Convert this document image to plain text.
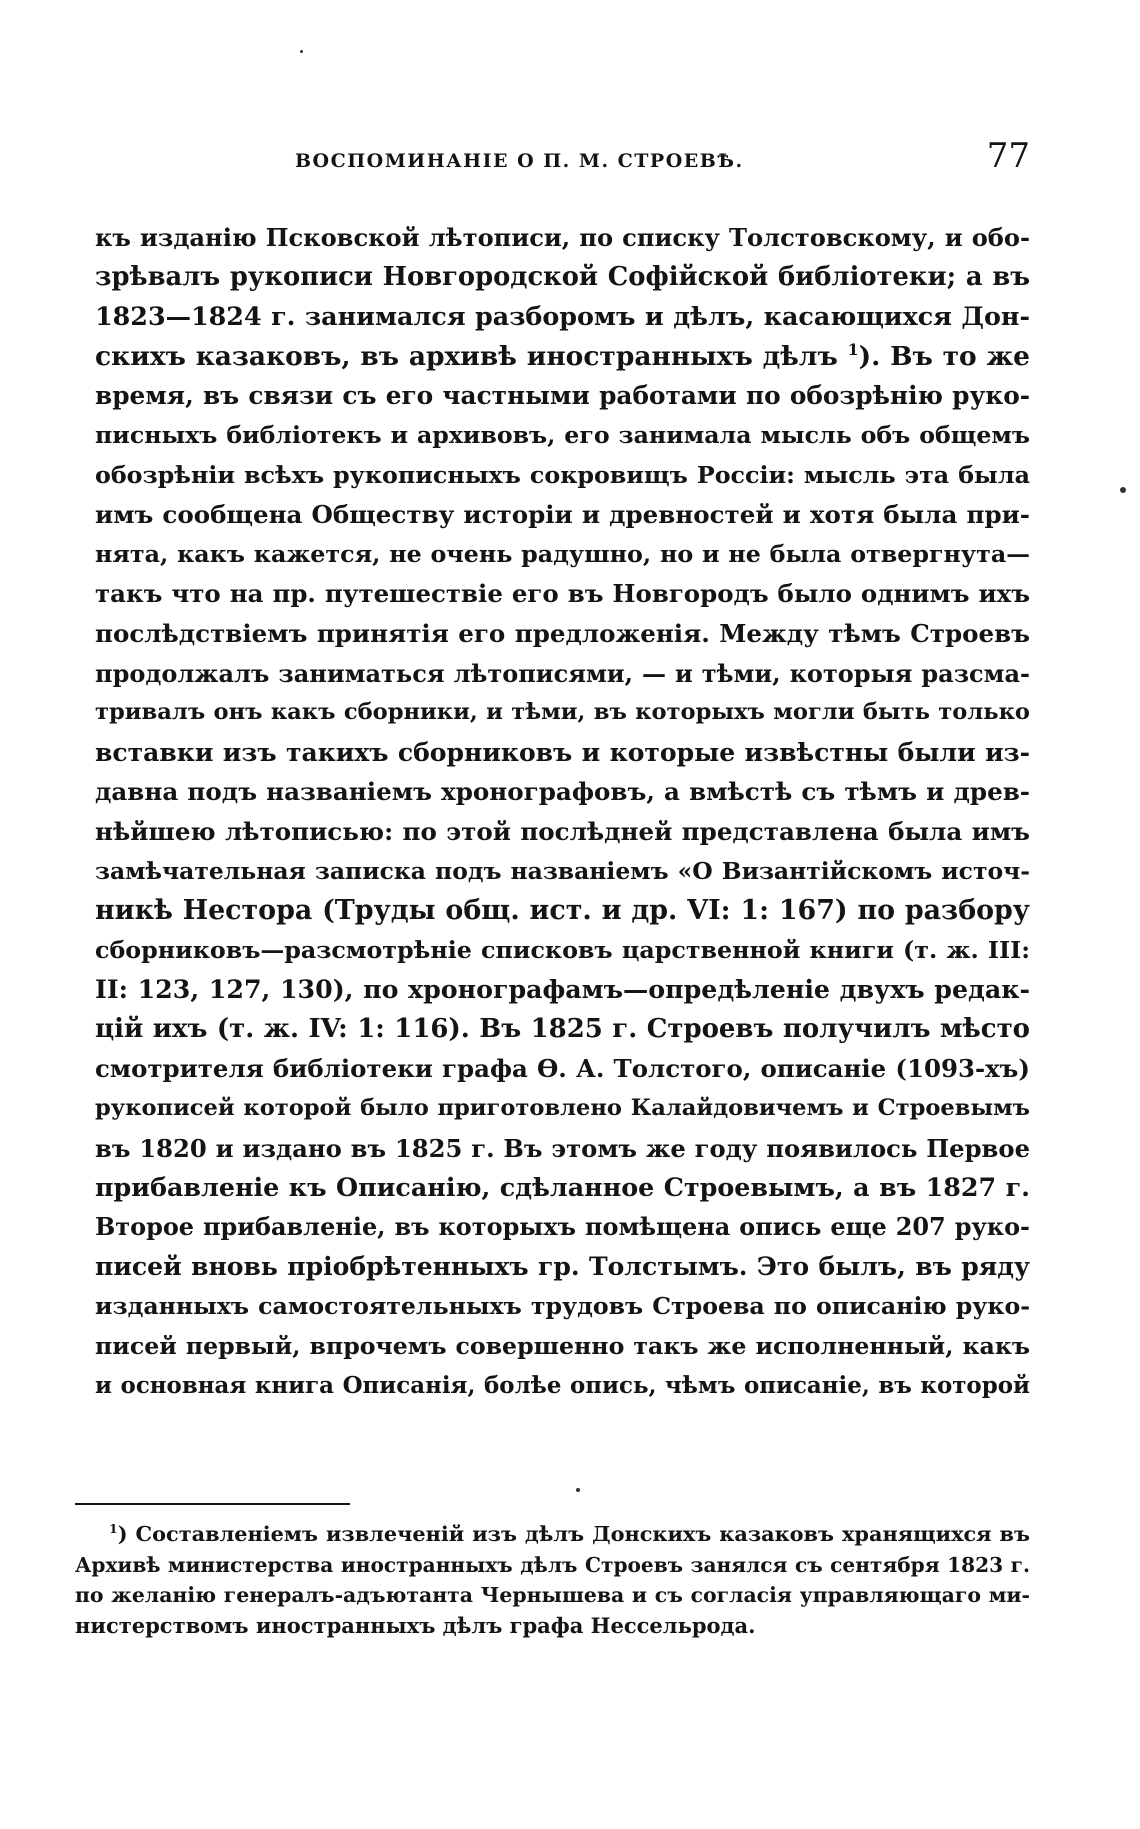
ВОСПОМИНАНІЕ О П. М. СТРОЕВѢ.	77
къ изданію Псковской лѣтописи, по списку Толстовскому, и обо-
зрѣвалъ рукописи Новгородской Софійской библіотеки; а въ
1823—1824 г. занимался разборомъ и дѣлъ, касающихся Дон-
скихъ казаковъ, въ архивѣ иностранныхъ дѣлъ $^1$). Въ то же
время, въ связи съ его частными работами по обозрѣнію руко-
писныхъ библіотекъ и архивовъ, его занимала мысль объ общемъ
обозрѣніи всѣхъ рукописныхъ сокровищъ Россіи: мысль эта была
имъ сообщена Обществу исторіи и древностей и хотя была при-
нята, какъ кажется, не очень радушно, но и не была отвергнута—
такъ что на пр. путешествіе его въ Новгородъ было однимъ ихъ
послѣдствіемъ принятія его предложенія. Между тѣмъ Строевъ
продолжалъ заниматься лѣтописями, — и тѣми, которыя разсма-
тривалъ онъ какъ сборники, и тѣми, въ которыхъ могли быть только
вставки изъ такихъ сборниковъ и которые извѣстны были из-
давна подъ названіемъ хронографовъ, а вмѣстѣ съ тѣмъ и древ-
нѣйшею лѣтописью: по этой послѣдней представлена была имъ
замѣчательная записка подъ названіемъ «О Византійскомъ источ-
никѣ Нестора (Труды общ. ист. и др. VI: 1: 167) по разбору
сборниковъ—разсмотрѣніе списковъ царственной книги (т. ж. III:
II: 123, 127, 130), по хронографамъ—опредѣленіе двухъ редак-
цій ихъ (т. ж. IV: 1: 116). Въ 1825 г. Строевъ получилъ мѣсто
смотрителя библіотеки графа Ѳ. А. Толстого, описаніе (1093-хъ)
рукописей которой было приготовлено Калайдовичемъ и Строевымъ
въ 1820 и издано въ 1825 г. Въ этомъ же году появилось Первое
прибавленіе къ Описанію, сдѣланное Строевымъ, а въ 1827 г.
Второе прибавленіе, въ которыхъ помѣщена опись еще 207 руко-
писей вновь пріобрѣтенныхъ гр. Толстымъ. Это былъ, въ ряду
изданныхъ самостоятельныхъ трудовъ Строева по описанію руко-
писей первый, впрочемъ совершенно такъ же исполненный, какъ
и основная книга Описанія, болѣе опись, чѣмъ описаніе, въ которой
$^1$) Составленіемъ извлеченій изъ дѣлъ Донскихъ казаковъ хранящихся въ
Архивѣ министерства иностранныхъ дѣлъ Строевъ занялся съ сентября 1823 г.
по желанію генералъ-адъютанта Чернышева и съ согласія управляющаго ми-
нистерствомъ иностранныхъ дѣлъ графа Нессельрода.
